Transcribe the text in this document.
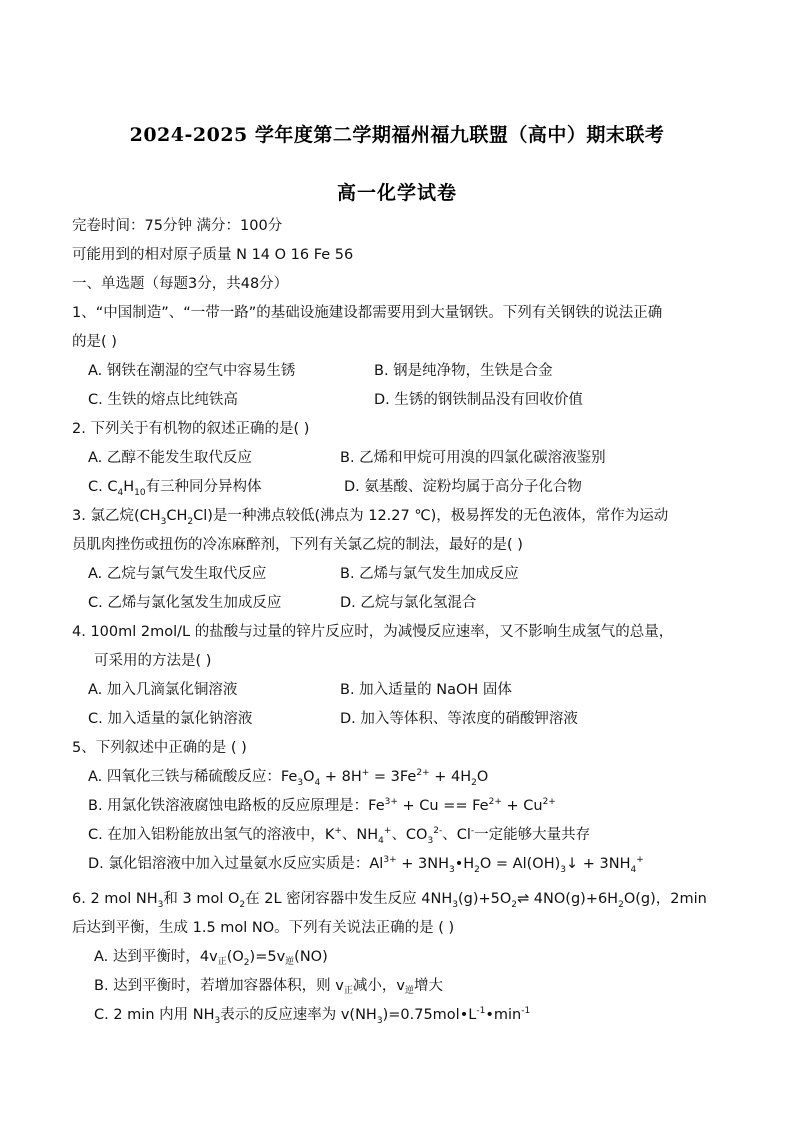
2024-2025 学年度第二学期福州福九联盟（高中）期末联考
高一化学试卷
完卷时间：75分钟 满分：100分
可能用到的相对原子质量 N 14 O 16 Fe 56
一、单选题（每题3分，共48分）
1、“中国制造”、“一带一路”的基础设施建设都需要用到大量钢铁。下列有关钢铁的说法正确
的是( )
A. 钢铁在潮湿的空气中容易生锈	B. 钢是纯净物，生铁是合金
C. 生铁的熔点比纯铁高	D. 生锈的钢铁制品没有回收价值
2. 下列关于有机物的叙述正确的是( )
A. 乙醇不能发生取代反应	B. 乙烯和甲烷可用溴的四氯化碳溶液鉴别
C. $C_4H_{10}$有三种同分异构体	D. 氨基酸、淀粉均属于高分子化合物
3. 氯乙烷$(CH_3CH_2Cl)$是一种沸点较低(沸点为 12.27 ℃)，极易挥发的无色液体，常作为运动
员肌肉挫伤或扭伤的冷冻麻醉剂，下列有关氯乙烷的制法，最好的是( )
A. 乙烷与氯气发生取代反应	B. 乙烯与氯气发生加成反应
C. 乙烯与氯化氢发生加成反应	D. 乙烷与氯化氢混合
4. 100ml 2mol/L 的盐酸与过量的锌片反应时，为减慢反应速率，又不影响生成氢气的总量，
可采用的方法是( )
A. 加入几滴氯化铜溶液	B. 加入适量的 NaOH 固体
C. 加入适量的氯化钠溶液	D. 加入等体积、等浓度的硝酸钾溶液
5、下列叙述中正确的是 ( )
A. 四氧化三铁与稀硫酸反应：$Fe_3O_4 + 8H^+ = 3Fe^{2+} + 4H_2O$
B. 用氯化铁溶液腐蚀电路板的反应原理是：$Fe^{3+} + Cu == Fe^{2+} + Cu^{2+}$
C. 在加入铝粉能放出氢气的溶液中，K+、$NH_4^+$、$CO_3^{2-}$、Cl-一定能够大量共存
D. 氯化铝溶液中加入过量氨水反应实质是：$Al^{3+}$ + $3NH_3•H_2O$ = $Al(OH)_3↓ + 3NH_4^+$
6. 2 mol $NH_3$和 3 mol $O_2$在 2L 密闭容器中发生反应 $4NH_3(g)+5O_2\rightleftharpoons$ $4NO(g)+6H_2O(g)$，2min
后达到平衡，生成 1.5 mol NO。下列有关说法正确的是 ( )
A. 达到平衡时，$4v_正(O_2)=5v_逆(NO)$
B. 达到平衡时，若增加容器体积，则 $v_正$减小，$v_逆$增大
C. 2 min 内用 $NH_3$表示的反应速率为 $v(NH_3)=0.75mol•L^{-1}•\min^{-1}$
